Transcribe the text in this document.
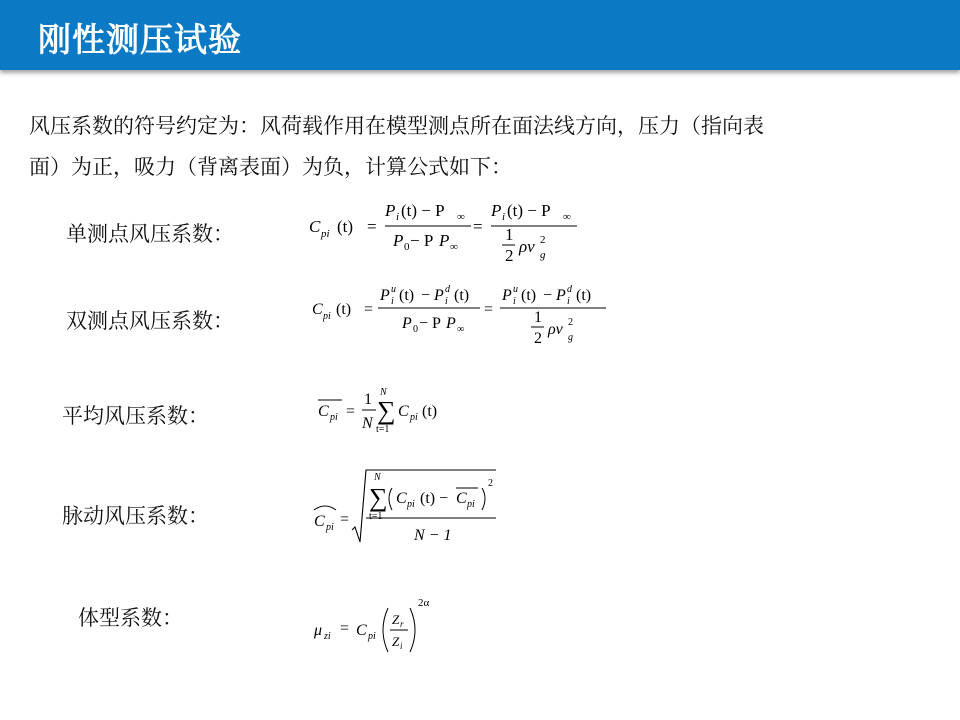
刚性测压试验
风压系数的符号约定为：风荷载作用在模型测点所在面法线方向，压力（指向表
面）为正，吸力（背离表面）为负，计算公式如下：
单测点风压系数：
双测点风压系数：
平均风压系数：
脉动风压系数：
体型系数：
C pi (t) =
P i (t) − P ∞
P 0 − P P ∞
=
P i (t) − P ∞
1
2 ρv 2
g
C pi (t) =
P u
i (t) − P d
i (t)
P 0 − P P ∞
=
P u
i (t) − P d
i (t)
1
2
ρv 2
g
C pi =
1
N
N
∑
t=1
C pi (t)
C pi =
N
∑
t=1
C pi (t) − C pi
2
N − 1
μ zi = C pi
Z r
Z i
2α
